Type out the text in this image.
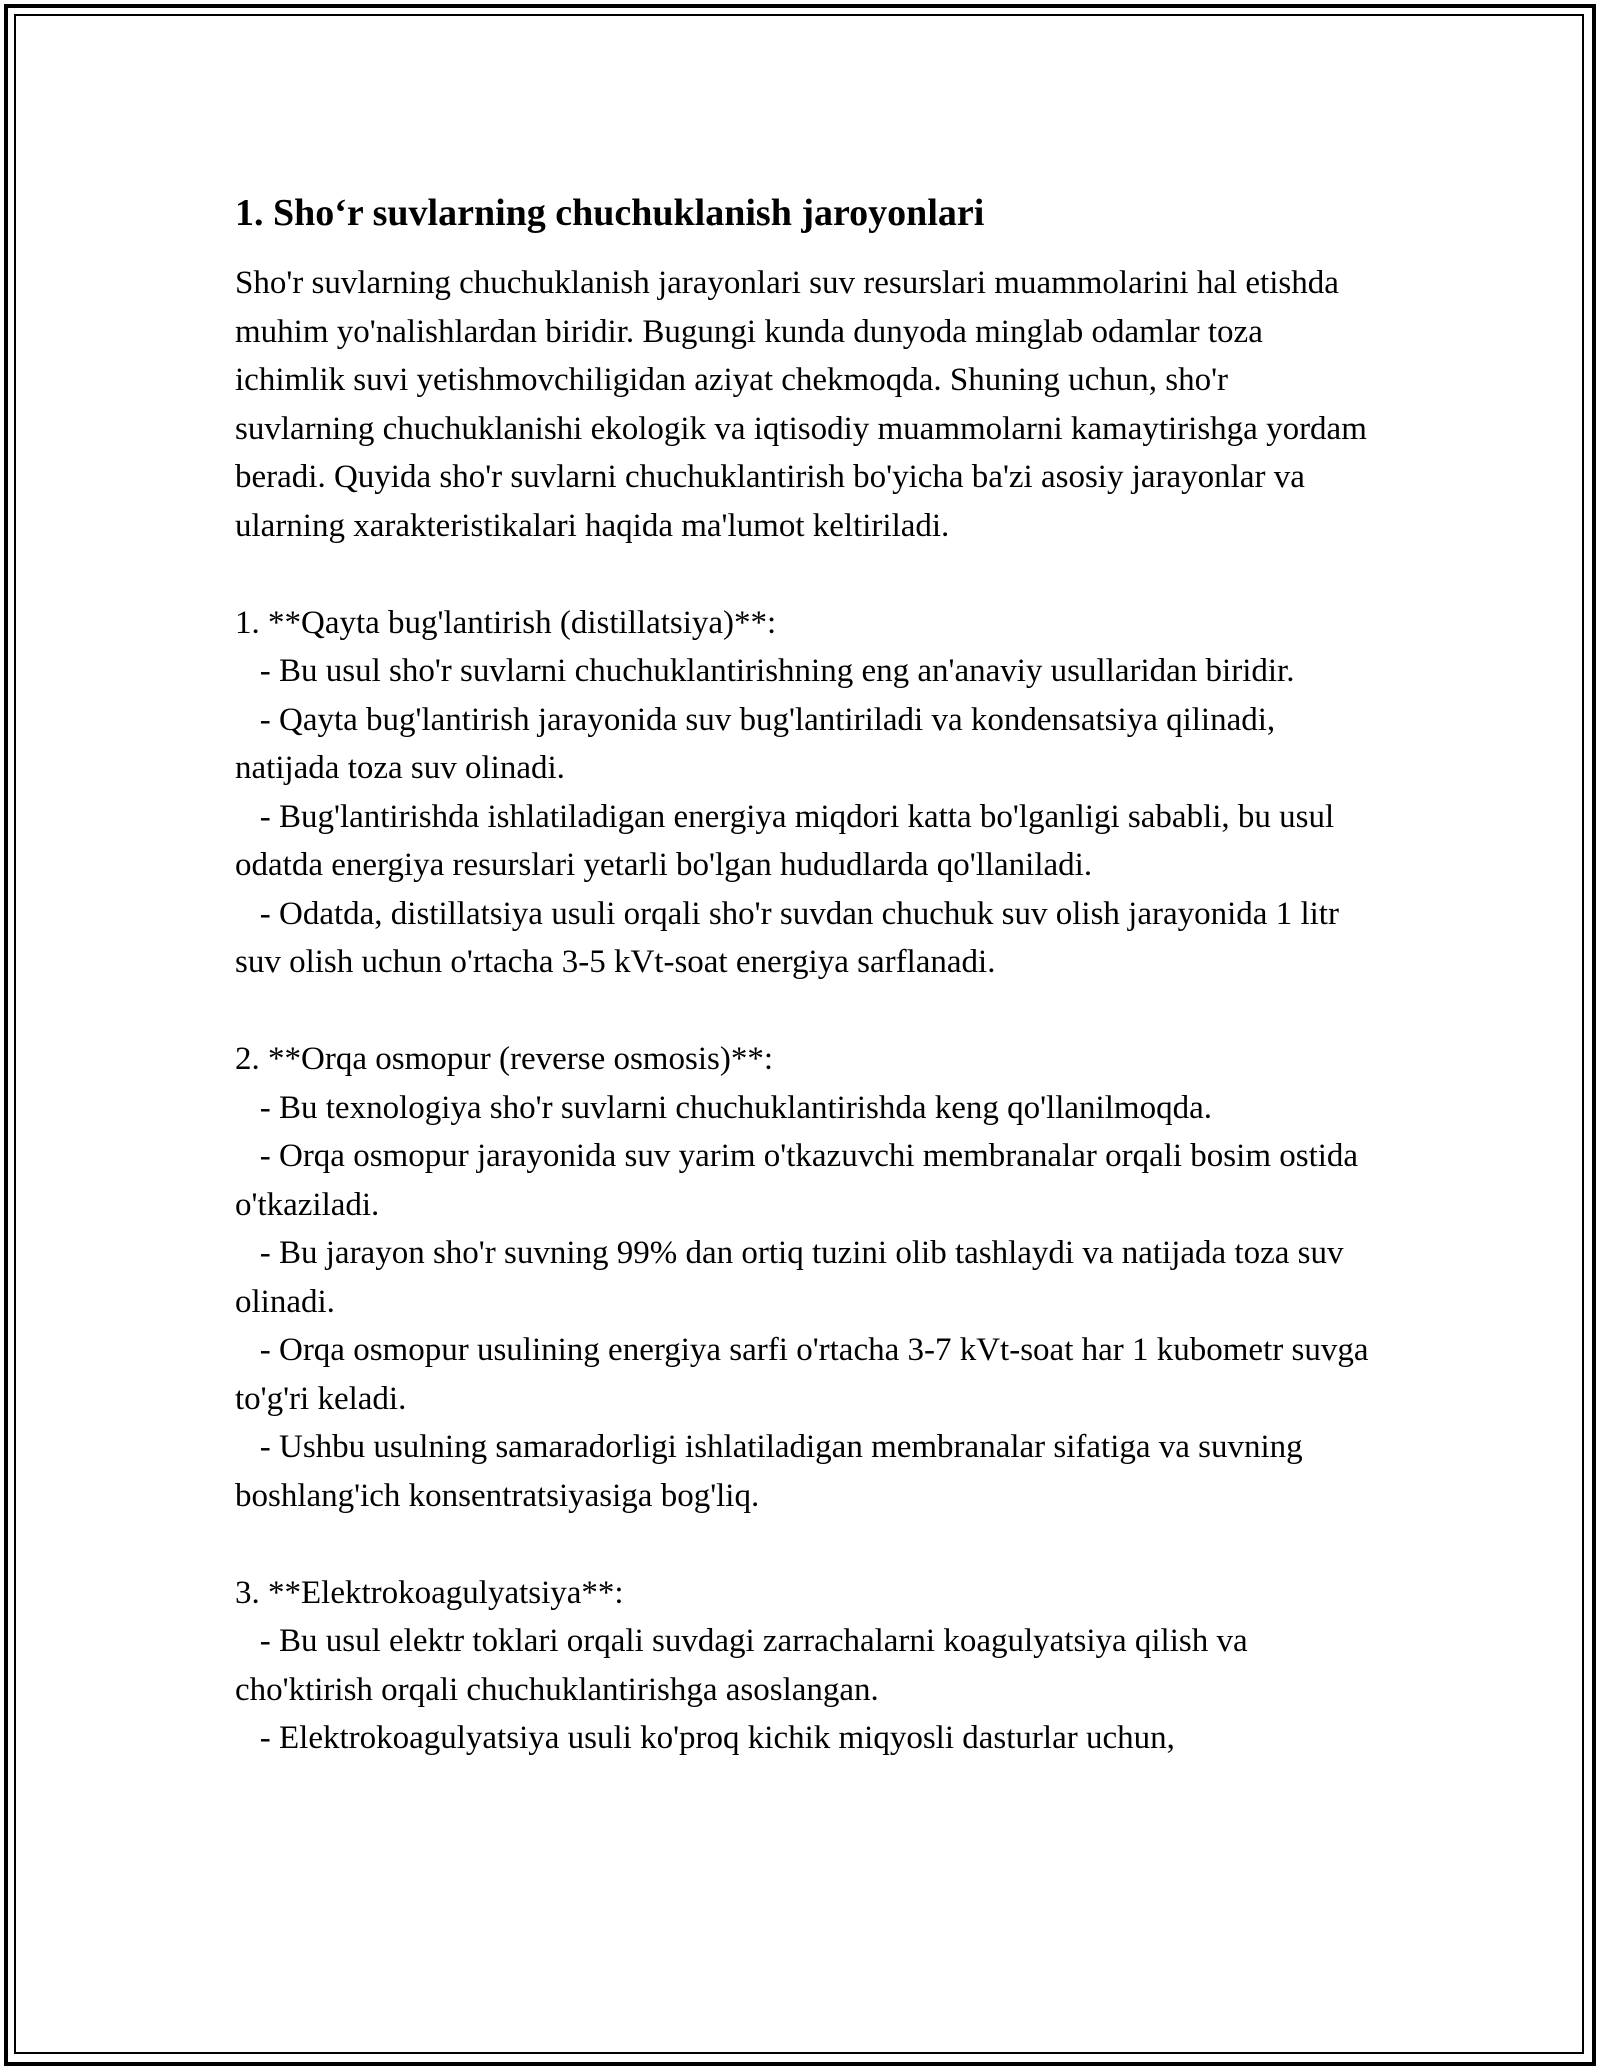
1. Sho‘r suvlarning chuchuklanish jaroyonlari

Sho'r suvlarning chuchuklanish jarayonlari suv resurslari muammolarini hal etishda muhim yo'nalishlardan biridir. Bugungi kunda dunyoda minglab odamlar toza ichimlik suvi yetishmovchiligidan aziyat chekmoqda. Shuning uchun, sho'r suvlarning chuchuklanishi ekologik va iqtisodiy muammolarni kamaytirishga yordam beradi. Quyida sho'r suvlarni chuchuklantirish bo'yicha ba'zi asosiy jarayonlar va ularning xarakteristikalari haqida ma'lumot keltiriladi.

1. **Qayta bug'lantirish (distillatsiya)**:

- Bu usul sho'r suvlarni chuchuklantirishning eng an'anaviy usullaridan biridir.

- Qayta bug'lantirish jarayonida suv bug'lantiriladi va kondensatsiya qilinadi, natijada toza suv olinadi.

- Bug'lantirishda ishlatiladigan energiya miqdori katta bo'lganligi sababli, bu usul odatda energiya resurslari yetarli bo'lgan hududlarda qo'llaniladi.

- Odatda, distillatsiya usuli orqali sho'r suvdan chuchuk suv olish jarayonida 1 litr suv olish uchun o'rtacha 3-5 kVt-soat energiya sarflanadi.

2. **Orqa osmopur (reverse osmosis)**:

- Bu texnologiya sho'r suvlarni chuchuklantirishda keng qo'llanilmoqda.

- Orqa osmopur jarayonida suv yarim o'tkazuvchi membranalar orqali bosim ostida o'tkaziladi.

- Bu jarayon sho'r suvning 99% dan ortiq tuzini olib tashlaydi va natijada toza suv olinadi.

- Orqa osmopur usulining energiya sarfi o'rtacha 3-7 kVt-soat har 1 kubometr suvga to'g'ri keladi.

- Ushbu usulning samaradorligi ishlatiladigan membranalar sifatiga va suvning boshlang'ich konsentratsiyasiga bog'liq.

3. **Elektrokoagulyatsiya**:

- Bu usul elektr toklari orqali suvdagi zarrachalarni koagulyatsiya qilish va cho'ktirish orqali chuchuklantirishga asoslangan.

- Elektrokoagulyatsiya usuli ko'proq kichik miqyosli dasturlar uchun,
